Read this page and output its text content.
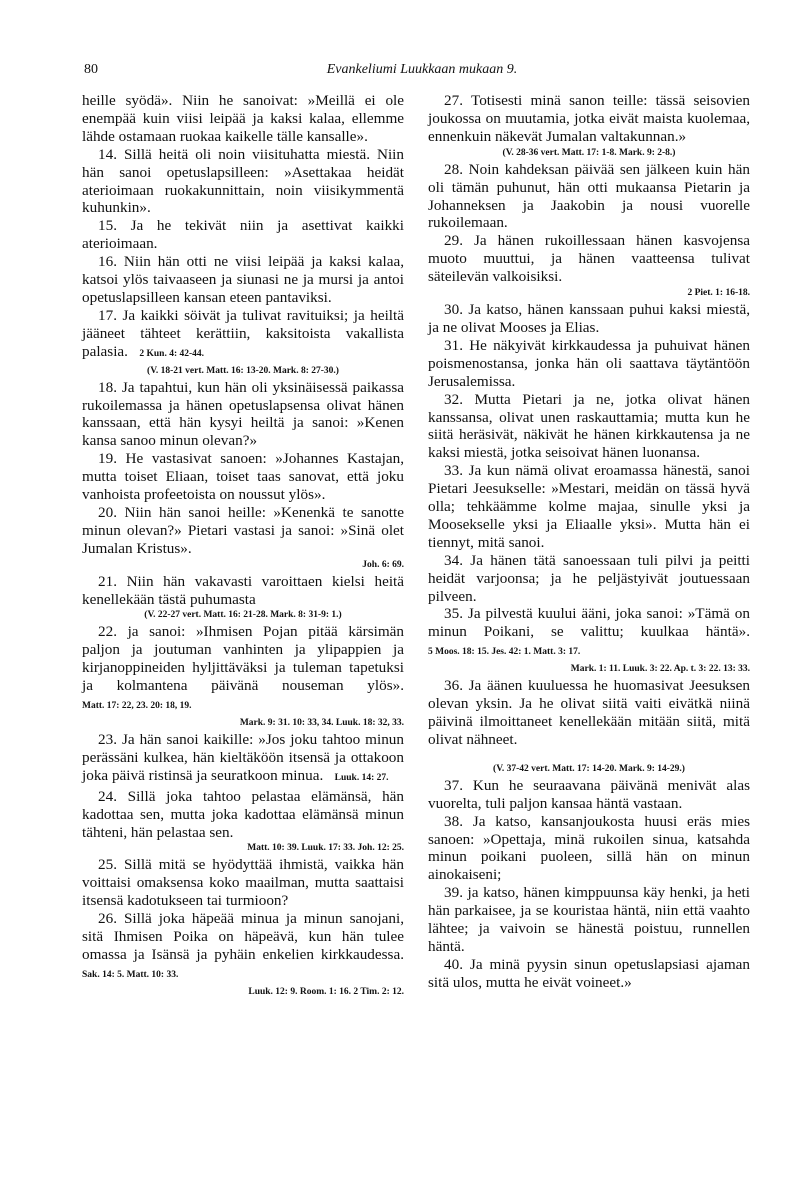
80	Evankeliumi Luukkaan mukaan 9.

heille syödä». Niin he sanoivat: »Meillä ei ole enempää kuin viisi leipää ja kaksi kalaa, ellemme lähde ostamaan ruokaa kaikelle tälle kansalle».

14. Sillä heitä oli noin viisituhatta miestä. Niin hän sanoi opetuslapsilleen: »Asettakaa heidät aterioimaan ruokakunnittain, noin viisikymmentä kuhunkin».

15. Ja he tekivät niin ja asettivat kaikki aterioimaan.

16. Niin hän otti ne viisi leipää ja kaksi kalaa, katsoi ylös taivaaseen ja siunasi ne ja mursi ja antoi opetuslapsilleen kansan eteen pantaviksi.

17. Ja kaikki söivät ja tulivat ravituiksi; ja heiltä jääneet tähteet kerättiin, kaksitoista vakallista palasia. 2 Kun. 4: 42-44.

(V. 18-21 vert. Matt. 16: 13-20. Mark. 8: 27-30.)

18. Ja tapahtui, kun hän oli yksinäisessä paikassa rukoilemassa ja hänen opetuslapsensa olivat hänen kanssaan, että hän kysyi heiltä ja sanoi: »Kenen kansa sanoo minun olevan?»

19. He vastasivat sanoen: »Johannes Kastajan, mutta toiset Eliaan, toiset taas sanovat, että joku vanhoista profeetoista on noussut ylös».

20. Niin hän sanoi heille: »Kenenkä te sanotte minun olevan?» Pietari vastasi ja sanoi: »Sinä olet Jumalan Kristus».

Joh. 6: 69.

21. Niin hän vakavasti varoittaen kielsi heitä kenellekään tästä puhumasta

(V. 22-27 vert. Matt. 16: 21-28. Mark. 8: 31-9: 1.)

22. ja sanoi: »Ihmisen Pojan pitää kärsimän paljon ja joutuman vanhinten ja ylipappien ja kirjanoppineiden hyljittäväksi ja tuleman tapetuksi ja kolmantena päivänä nouseman ylös». Matt. 17: 22, 23. 20: 18, 19.

Mark. 9: 31. 10: 33, 34. Luuk. 18: 32, 33.

23. Ja hän sanoi kaikille: »Jos joku tahtoo minun perässäni kulkea, hän kieltäköön itsensä ja ottakoon joka päivä ristinsä ja seuratkoon minua. Luuk. 14: 27.

24. Sillä joka tahtoo pelastaa elämänsä, hän kadottaa sen, mutta joka kadottaa elämänsä minun tähteni, hän pelastaa sen.

Matt. 10: 39. Luuk. 17: 33. Joh. 12: 25.

25. Sillä mitä se hyödyttää ihmistä, vaikka hän voittaisi omaksensa koko maailman, mutta saattaisi itsensä kadotukseen tai turmioon?

26. Sillä joka häpeää minua ja minun sanojani, sitä Ihmisen Poika on häpeävä, kun hän tulee omassa ja Isänsä ja pyhäin enkelien kirkkaudessa. Sak. 14: 5. Matt. 10: 33.

Luuk. 12: 9. Room. 1: 16. 2 Tim. 2: 12.

27. Totisesti minä sanon teille: tässä seisovien joukossa on muutamia, jotka eivät maista kuolemaa, ennenkuin näkevät Jumalan valtakunnan.»

(V. 28-36 vert. Matt. 17: 1-8. Mark. 9: 2-8.)

28. Noin kahdeksan päivää sen jälkeen kuin hän oli tämän puhunut, hän otti mukaansa Pietarin ja Johanneksen ja Jaakobin ja nousi vuorelle rukoilemaan.

29. Ja hänen rukoillessaan hänen kasvojensa muoto muuttui, ja hänen vaatteensa tulivat säteilevän valkoisiksi.

2 Piet. 1: 16-18.

30. Ja katso, hänen kanssaan puhui kaksi miestä, ja ne olivat Mooses ja Elias.

31. He näkyivät kirkkaudessa ja puhuivat hänen poismenostansa, jonka hän oli saattava täytäntöön Jerusalemissa.

32. Mutta Pietari ja ne, jotka olivat hänen kanssansa, olivat unen raskauttamia; mutta kun he siitä heräsivät, näkivät he hänen kirkkautensa ja ne kaksi miestä, jotka seisoivat hänen luonansa.

33. Ja kun nämä olivat eroamassa hänestä, sanoi Pietari Jeesukselle: »Mestari, meidän on tässä hyvä olla; tehkäämme kolme majaa, sinulle yksi ja Moosekselle yksi ja Eliaalle yksi». Mutta hän ei tiennyt, mitä sanoi.

34. Ja hänen tätä sanoessaan tuli pilvi ja peitti heidät varjoonsa; ja he peljästyivät joutuessaan pilveen.

35. Ja pilvestä kuului ääni, joka sanoi: »Tämä on minun Poikani, se valittu; kuulkaa häntä». 5 Moos. 18: 15. Jes. 42: 1. Matt. 3: 17.

Mark. 1: 11. Luuk. 3: 22. Ap. t. 3: 22. 13: 33.

36. Ja äänen kuuluessa he huomasivat Jeesuksen olevan yksin. Ja he olivat siitä vaiti eivätkä niinä päivinä ilmoittaneet kenellekään mitään siitä, mitä olivat nähneet.

(V. 37-42 vert. Matt. 17: 14-20. Mark. 9: 14-29.)

37. Kun he seuraavana päivänä menivät alas vuorelta, tuli paljon kansaa häntä vastaan.

38. Ja katso, kansanjoukosta huusi eräs mies sanoen: »Opettaja, minä rukoilen sinua, katsahda minun poikani puoleen, sillä hän on minun ainokaiseni;

39. ja katso, hänen kimppuunsa käy henki, ja heti hän parkaisee, ja se kouristaa häntä, niin että vaahto lähtee; ja vaivoin se hänestä poistuu, runnellen häntä.

40. Ja minä pyysin sinun opetuslapsiasi ajaman sitä ulos, mutta he eivät voineet.»
